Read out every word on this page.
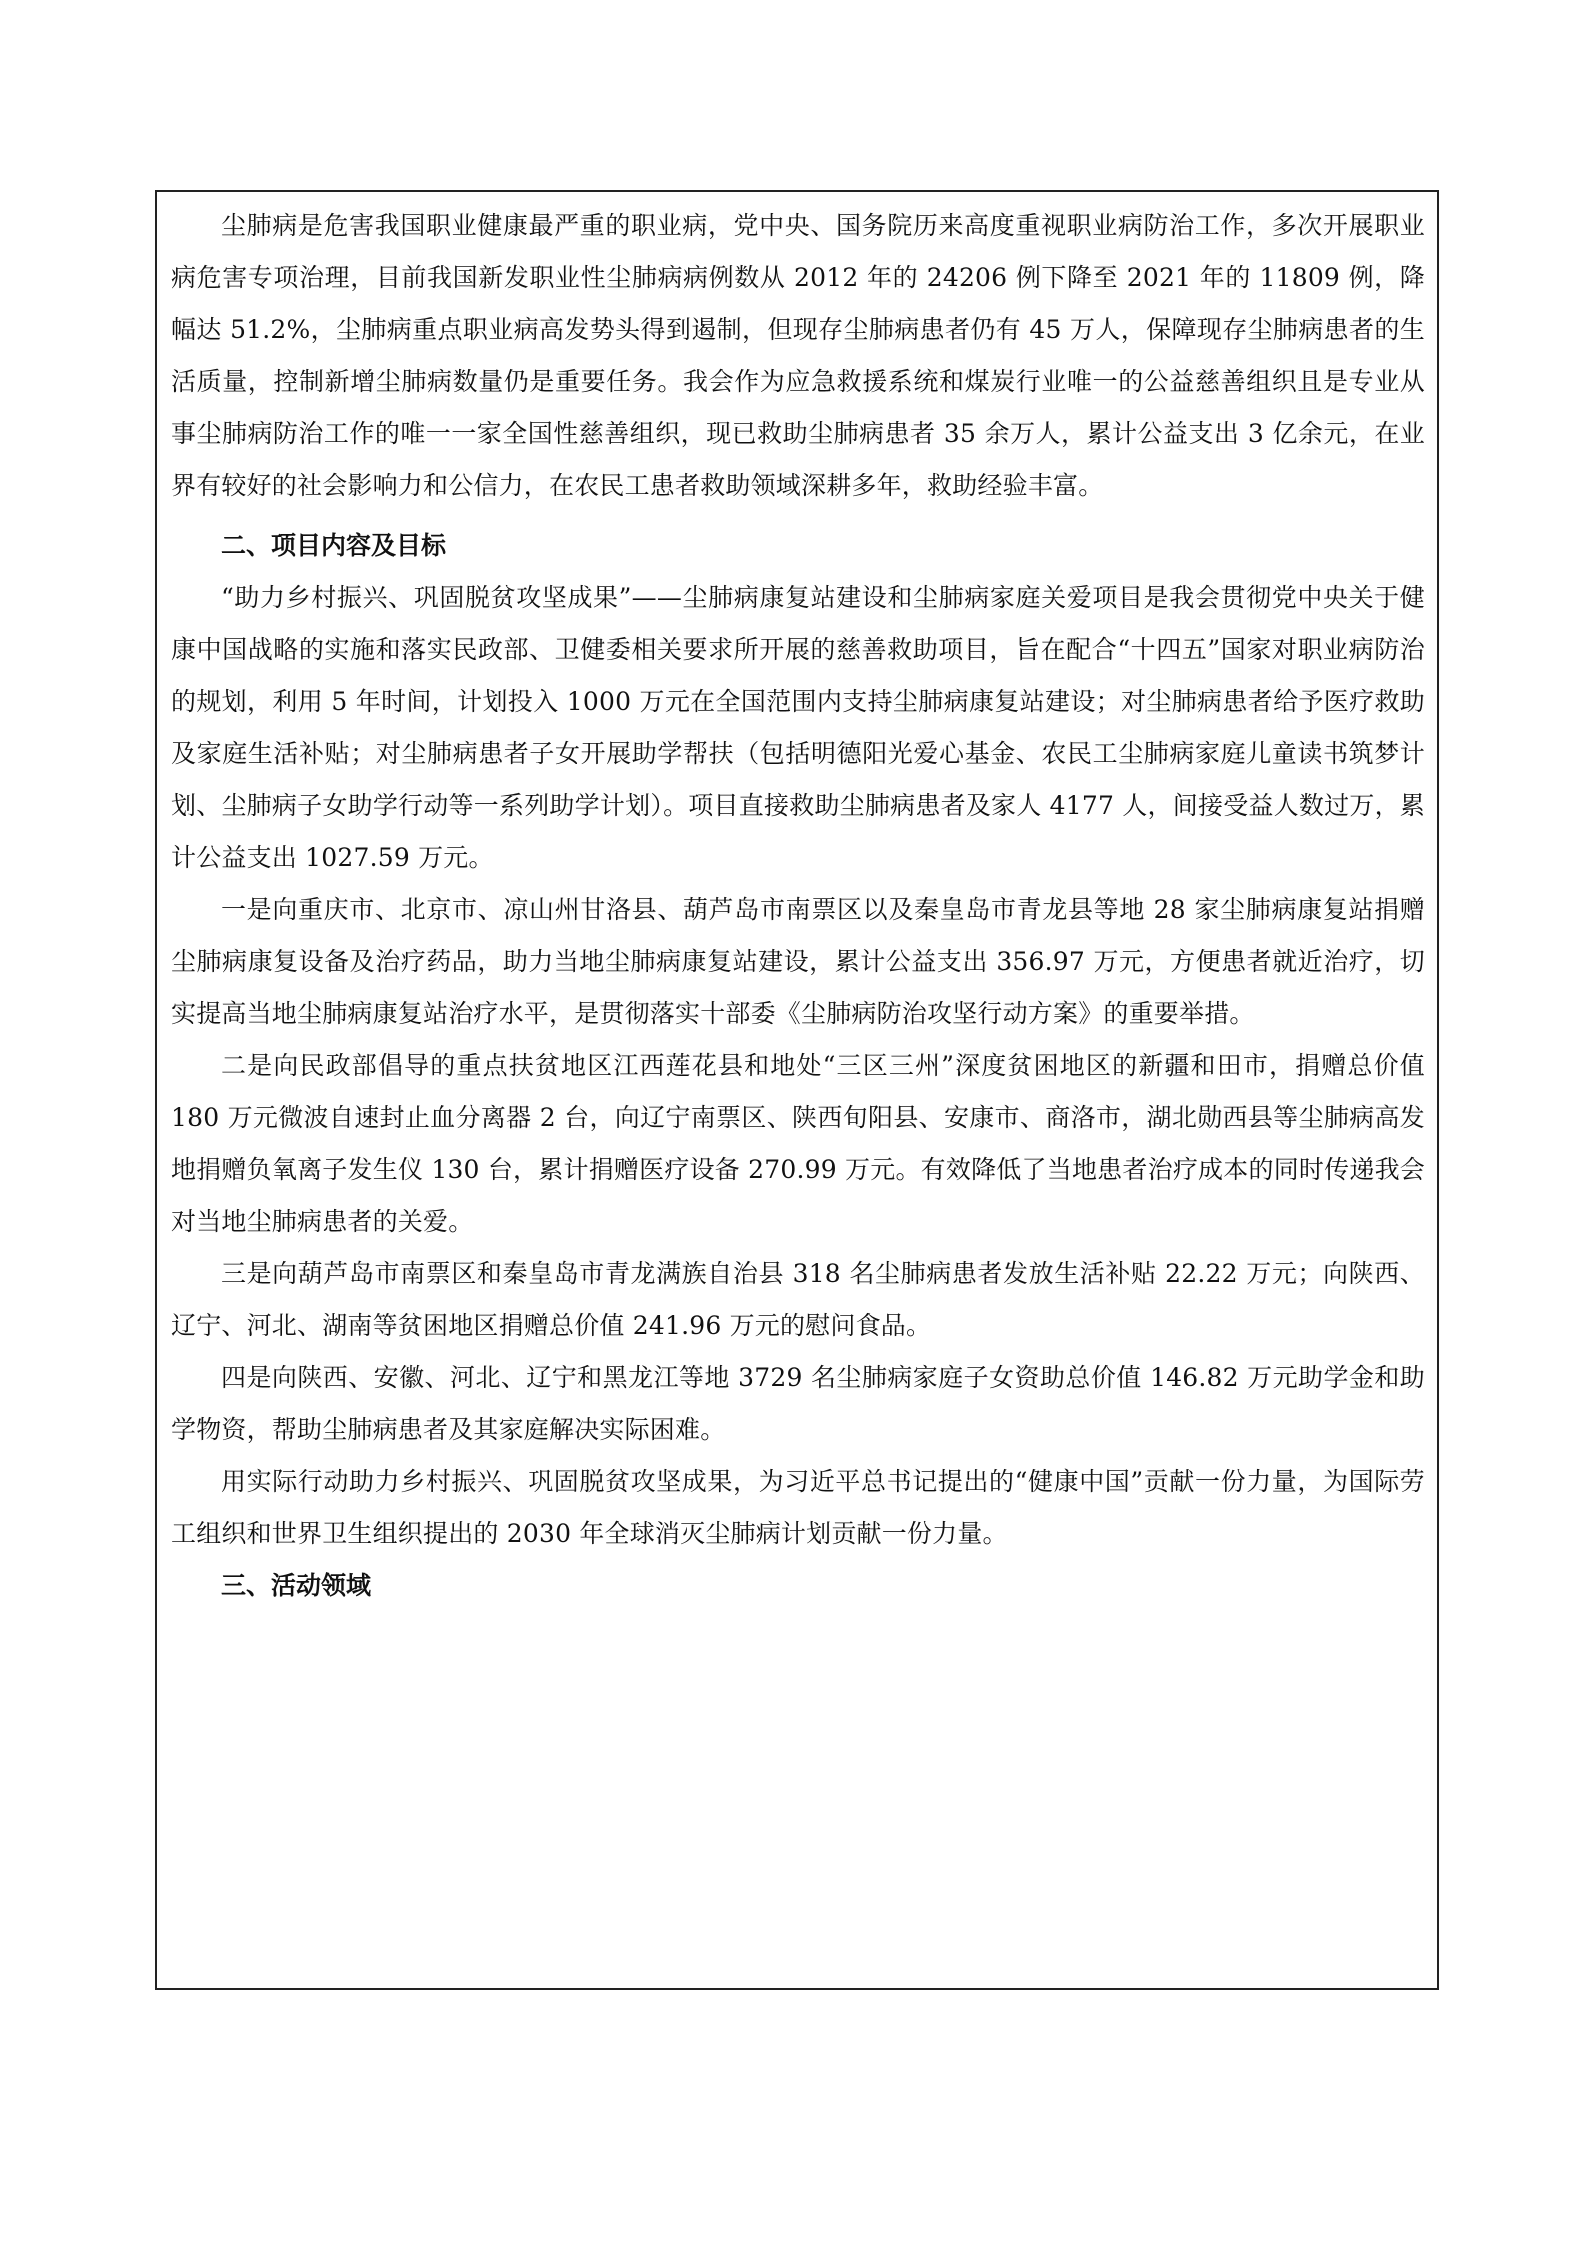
尘肺病是危害我国职业健康最严重的职业病，党中央、国务院历来高度重视职业病防治工作，多次开展职业病危害专项治理，目前我国新发职业性尘肺病病例数从 2012 年的 24206 例下降至 2021 年的 11809 例，降幅达 51.2%，尘肺病重点职业病高发势头得到遏制，但现存尘肺病患者仍有 45 万人，保障现存尘肺病患者的生活质量，控制新增尘肺病数量仍是重要任务。我会作为应急救援系统和煤炭行业唯一的公益慈善组织且是专业从事尘肺病防治工作的唯一一家全国性慈善组织，现已救助尘肺病患者 35 余万人，累计公益支出 3 亿余元，在业界有较好的社会影响力和公信力，在农民工患者救助领域深耕多年，救助经验丰富。

二、项目内容及目标

“助力乡村振兴、巩固脱贫攻坚成果”——尘肺病康复站建设和尘肺病家庭关爱项目是我会贯彻党中央关于健康中国战略的实施和落实民政部、卫健委相关要求所开展的慈善救助项目，旨在配合“十四五”国家对职业病防治的规划，利用 5 年时间，计划投入 1000 万元在全国范围内支持尘肺病康复站建设；对尘肺病患者给予医疗救助及家庭生活补贴；对尘肺病患者子女开展助学帮扶（包括明德阳光爱心基金、农民工尘肺病家庭儿童读书筑梦计划、尘肺病子女助学行动等一系列助学计划）。项目直接救助尘肺病患者及家人 4177 人，间接受益人数过万，累计公益支出 1027.59 万元。

一是向重庆市、北京市、凉山州甘洛县、葫芦岛市南票区以及秦皇岛市青龙县等地 28 家尘肺病康复站捐赠尘肺病康复设备及治疗药品，助力当地尘肺病康复站建设，累计公益支出 356.97 万元，方便患者就近治疗，切实提高当地尘肺病康复站治疗水平，是贯彻落实十部委《尘肺病防治攻坚行动方案》的重要举措。

二是向民政部倡导的重点扶贫地区江西莲花县和地处“三区三州”深度贫困地区的新疆和田市，捐赠总价值 180 万元微波自速封止血分离器 2 台，向辽宁南票区、陕西旬阳县、安康市、商洛市，湖北勋西县等尘肺病高发地捐赠负氧离子发生仪 130 台，累计捐赠医疗设备 270.99 万元。有效降低了当地患者治疗成本的同时传递我会对当地尘肺病患者的关爱。

三是向葫芦岛市南票区和秦皇岛市青龙满族自治县 318 名尘肺病患者发放生活补贴 22.22 万元；向陕西、辽宁、河北、湖南等贫困地区捐赠总价值 241.96 万元的慰问食品。

四是向陕西、安徽、河北、辽宁和黑龙江等地 3729 名尘肺病家庭子女资助总价值 146.82 万元助学金和助学物资，帮助尘肺病患者及其家庭解决实际困难。

用实际行动助力乡村振兴、巩固脱贫攻坚成果，为习近平总书记提出的“健康中国”贡献一份力量，为国际劳工组织和世界卫生组织提出的 2030 年全球消灭尘肺病计划贡献一份力量。

三、活动领域
